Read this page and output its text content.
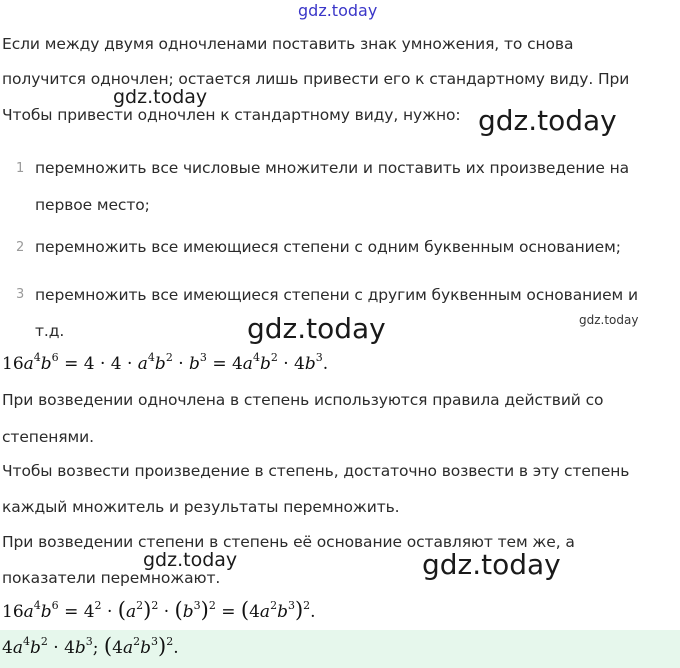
gdz.today
Если между двумя одночленами поставить знак умножения, то снова
получится одночлен; остается лишь привести его к стандартному виду. При
gdz.today
Чтобы привести одночлен к стандартному виду, нужно: gdz.today
1 перемножить все числовые множители и поставить их произведение на
первое место;
2 перемножить все имеющиеся степени с одним буквенным основанием;
3 перемножить все имеющиеся степени с другим буквенным основанием и
т.д.	gdz.today	gdz.today
$16a^4b^6 = 4 \cdot 4 \cdot a^4b^2 \cdot b^3 = 4a^4b^2 \cdot 4b^3$.
При возведении одночлена в степень используются правила действий со
степенями.
Чтобы возвести произведение в степень, достаточно возвести в эту степень
каждый множитель и результаты перемножить.
При возведении степени в степень её основание оставляют тем же, а
gdz.today
показатели перемножают.	gdz.today
$16a^4b^6 = 4^2 \cdot (a^2)^2 \cdot (b^3)^2 = (4a^2b^3)^2$.
$4a^4b^2 \cdot 4b^3$; $(4a^2b^3)^2$.
